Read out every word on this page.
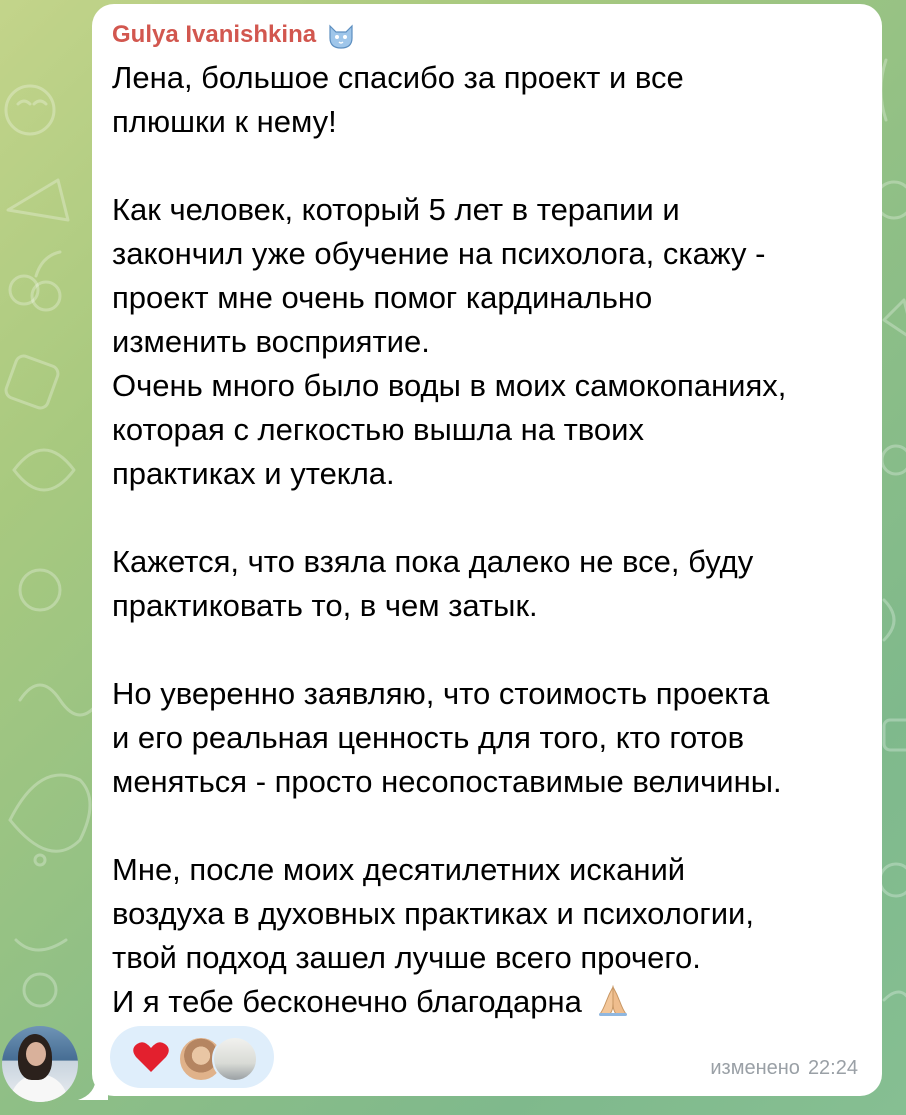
Gulya Ivanishkina

Лена, большое спасибо за проект и все

плюшки к нему!

Как человек, который 5 лет в терапии и

закончил уже обучение на психолога, скажу -

проект мне очень помог кардинально

изменить восприятие.

Очень много было воды в моих самокопаниях,

которая с легкостью вышла на твоих

практиках и утекла.

Кажется, что взяла пока далеко не все, буду

практиковать то, в чем затык.

Но уверенно заявляю, что стоимость проекта

и его реальная ценность для того, кто готов

меняться - просто несопоставимые величины.

Мне, после моих десятилетних исканий

воздуха в духовных практиках и психологии,

твой подход зашел лучше всего прочего.

И я тебе бесконечно благодарна

изменено 22:24
